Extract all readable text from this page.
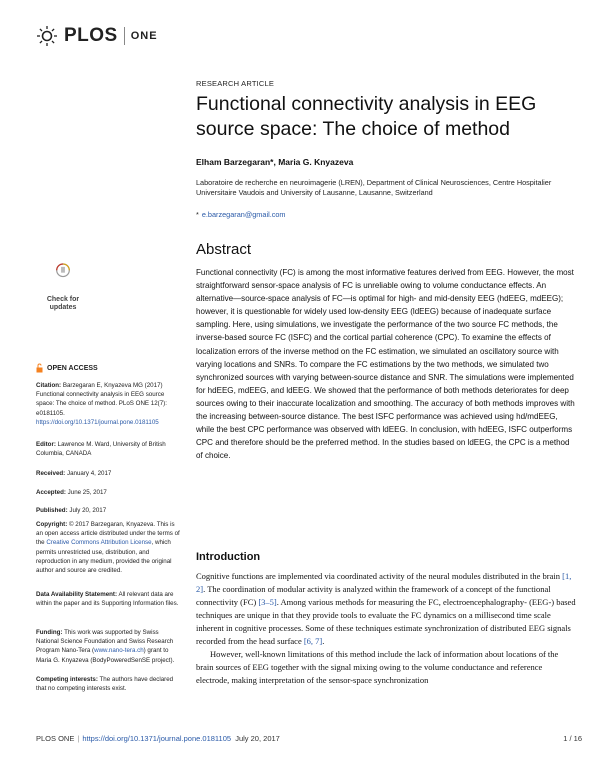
PLOS ONE
RESEARCH ARTICLE
Functional connectivity analysis in EEG source space: The choice of method
Elham Barzegaran*, Maria G. Knyazeva
Laboratoire de recherche en neuroimagerie (LREN), Department of Clinical Neurosciences, Centre Hospitalier Universitaire Vaudois and University of Lausanne, Lausanne, Switzerland
* e.barzegaran@gmail.com
Abstract
Functional connectivity (FC) is among the most informative features derived from EEG. However, the most straightforward sensor-space analysis of FC is unreliable owing to volume conductance effects. An alternative—source-space analysis of FC—is optimal for high- and mid-density EEG (hdEEG, mdEEG); however, it is questionable for widely used low-density EEG (ldEEG) because of inadequate surface sampling. Here, using simulations, we investigate the performance of the two source FC methods, the inverse-based source FC (ISFC) and the cortical partial coherence (CPC). To examine the effects of localization errors of the inverse method on the FC estimation, we simulated an oscillatory source with varying locations and SNRs. To compare the FC estimations by the two methods, we simulated two synchronized sources with varying between-source distance and SNR. The simulations were implemented for hdEEG, mdEEG, and ldEEG. We showed that the performance of both methods deteriorates for deep sources owing to their inaccurate localization and smoothing. The accuracy of both methods improves with the increasing between-source distance. The best ISFC performance was achieved using hd/mdEEG, while the best CPC performance was observed with ldEEG. In conclusion, with hdEEG, ISFC outperforms CPC and therefore should be the preferred method. In the studies based on ldEEG, the CPC is a method of choice.
Introduction

Cognitive functions are implemented via coordinated activity of the neural modules distributed in the brain [1, 2]. The coordination of modular activity is analyzed within the framework of a concept of the functional connectivity (FC) [3–5]. Among various methods for measuring the FC, electroencephalography- (EEG-) based techniques are unique in that they provide tools to evaluate the FC dynamics on a millisecond time scale inherent in cognitive processes. Some of these techniques estimate synchronization of distributed EEG signals recorded from the head surface [6, 7].

However, well-known limitations of this method include the lack of information about locations of the brain sources of EEG together with the signal mixing owing to the volume conductance and reference electrode, making interpretation of the sensor-space synchronization

Check for
updates
OPEN ACCESS
Citation: Barzegaran E, Knyazeva MG (2017) Functional connectivity analysis in EEG source space: The choice of method. PLoS ONE 12(7): e0181105. https://doi.org/10.1371/journal.pone.0181105
Editor: Lawrence M. Ward, University of British Columbia, CANADA
Received: January 4, 2017
Accepted: June 25, 2017
Published: July 20, 2017
Copyright: © 2017 Barzegaran, Knyazeva. This is an open access article distributed under the terms of the Creative Commons Attribution License, which permits unrestricted use, distribution, and reproduction in any medium, provided the original author and source are credited.
Data Availability Statement: All relevant data are within the paper and its Supporting Information files.
Funding: This work was supported by Swiss National Science Foundation and Swiss Research Program Nano-Tera (www.nano-tera.ch) grant to Maria G. Knyazeva (BodyPoweredSenSE project).
Competing interests: The authors have declared that no competing interests exist.
PLOS ONE | https://doi.org/10.1371/journal.pone.0181105 July 20, 2017	1 / 16
